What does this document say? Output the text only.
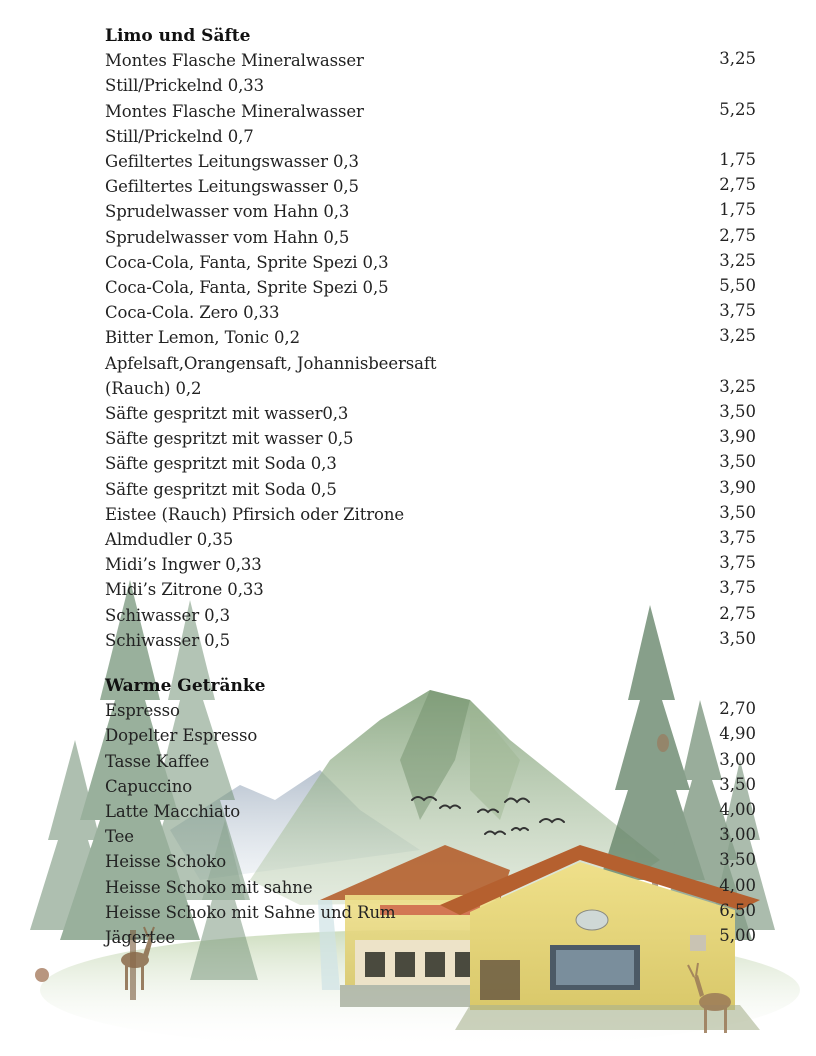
Limo und Säfte
Montes Flasche Mineralwasser
Still/Prickelnd 0,33
3,25
Montes Flasche Mineralwasser
Still/Prickelnd 0,7
5,25
Gefiltertes Leitungswasser 0,3	1,75
Gefiltertes Leitungswasser 0,5	2,75
Sprudelwasser vom Hahn 0,3	1,75
Sprudelwasser vom Hahn 0,5	2,75
Coca-Cola, Fanta, Sprite Spezi 0,3	3,25
Coca-Cola, Fanta, Sprite Spezi 0,5	5,50
Coca-Cola. Zero 0,33	3,75
Bitter Lemon, Tonic 0,2	3,25
Apfelsaft,Orangensaft, Johannisbeersaft
(Rauch) 0,2	3,25
Säfte gespritzt mit wasser0,3	3,50
Säfte gespritzt mit wasser 0,5	3,90
Säfte gespritzt mit Soda 0,3	3,50
Säfte gespritzt mit Soda 0,5	3,90
Eistee (Rauch) Pfirsich oder Zitrone	3,50
Almdudler 0,35	3,75
Midi’s Ingwer 0,33	3,75
Midi’s Zitrone 0,33	3,75
Schiwasser 0,3	2,75
Schiwasser 0,5	3,50
Warme Getränke
Espresso	2,70
Dopelter Espresso	4,90
Tasse Kaffee	3,00
Capuccino	3,50
Latte Macchiato	4,00
Tee	3,00
Heisse Schoko	3,50
Heisse Schoko mit sahne	4,00
Heisse Schoko mit Sahne und Rum	6,50
Jägertee	5,00
